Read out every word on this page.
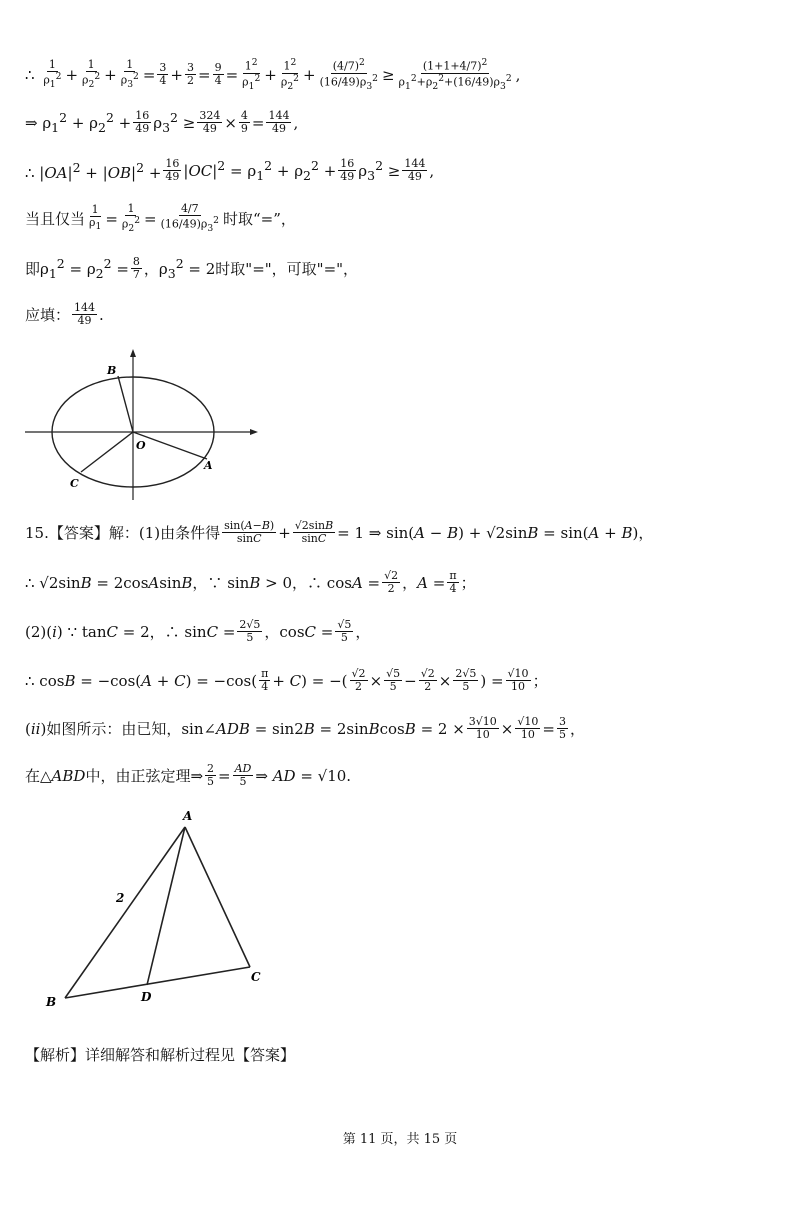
∴ $\frac{1}{\rho_1^2} + \frac{1}{\rho_2^2} + \frac{1}{\rho_3^2} = \frac{3}{4} + \frac{3}{2} = \frac{9}{4} = \frac{1^2}{\rho_1^2} + \frac{1^2}{\rho_2^2} + \frac{(4/7)^2}{(16/49)\rho_3^2} \ge \frac{(1+1+4/7)^2}{\rho_1^2+\rho_2^2+(16/49)\rho_3^2}$ ,
⇒ $\rho_1^2 + \rho_2^2 + \frac{16}{49} \rho_3^2 \ge \frac{324}{49} \times \frac{4}{9} = \frac{144}{49}$ ,
∴ $|OA|^2 + |OB|^2 + \frac{16}{49} |OC|^2 = \rho_1^2 + \rho_2^2 + \frac{16}{49} \rho_3^2 \ge \frac{144}{49}$ ,
当且仅当 $\frac{1}{\rho_1} = \frac{1}{\rho_2^2} = \frac{4/7}{(16/49)\rho_3^2}$ 时取“=”，
即$\rho_1^2 = \rho_2^2 = \frac{8}{7}$ ，$\rho_3^2 = 2$时取"="，可取"="，
应填： $\frac{144}{49}$ .
B
O
A
C
15.【答案】解：(1)由条件得 $\frac{\sin(A-B)}{\sin C} + \frac{√2\sin B}{\sin C} = 1$ ⇒ sin(A − B) + √2sinB = sin(A + B)，
∴ √2sinB = 2cosAsinB，∵ sinB > 0，∴ $\cos A = \frac{√2}{2}$ ，$A = \frac{\pi}{4}$ ；
(2)(i) ∵ tanC = 2，∴ $\sin C = \frac{2√5}{5}$ ，$\cos C = \frac{√5}{5}$ ，
∴ $\cos B = -\cos(A + C) = -\cos( \frac{\pi}{4} + C)$ = −( $\frac{√2}{2} \times \frac{√5}{5} - \frac{√2}{2} \times \frac{2√5}{5}$ ) = $\frac{√10}{10}$ ；
(ii)如图所示：由已知，sin∠ADB = sin2B = 2sinBcosB = $2 \times \frac{3√10}{10} \times \frac{√10}{10} = \frac{3}{5}$ ，
在△ABD中，由正弦定理⇒ $\frac{2}{5} = \frac{AD}{5}$ ⇒ AD = √10.
A
B
C
D
2
【解析】详细解答和解析过程见【答案】
第 11 页，共 15 页
